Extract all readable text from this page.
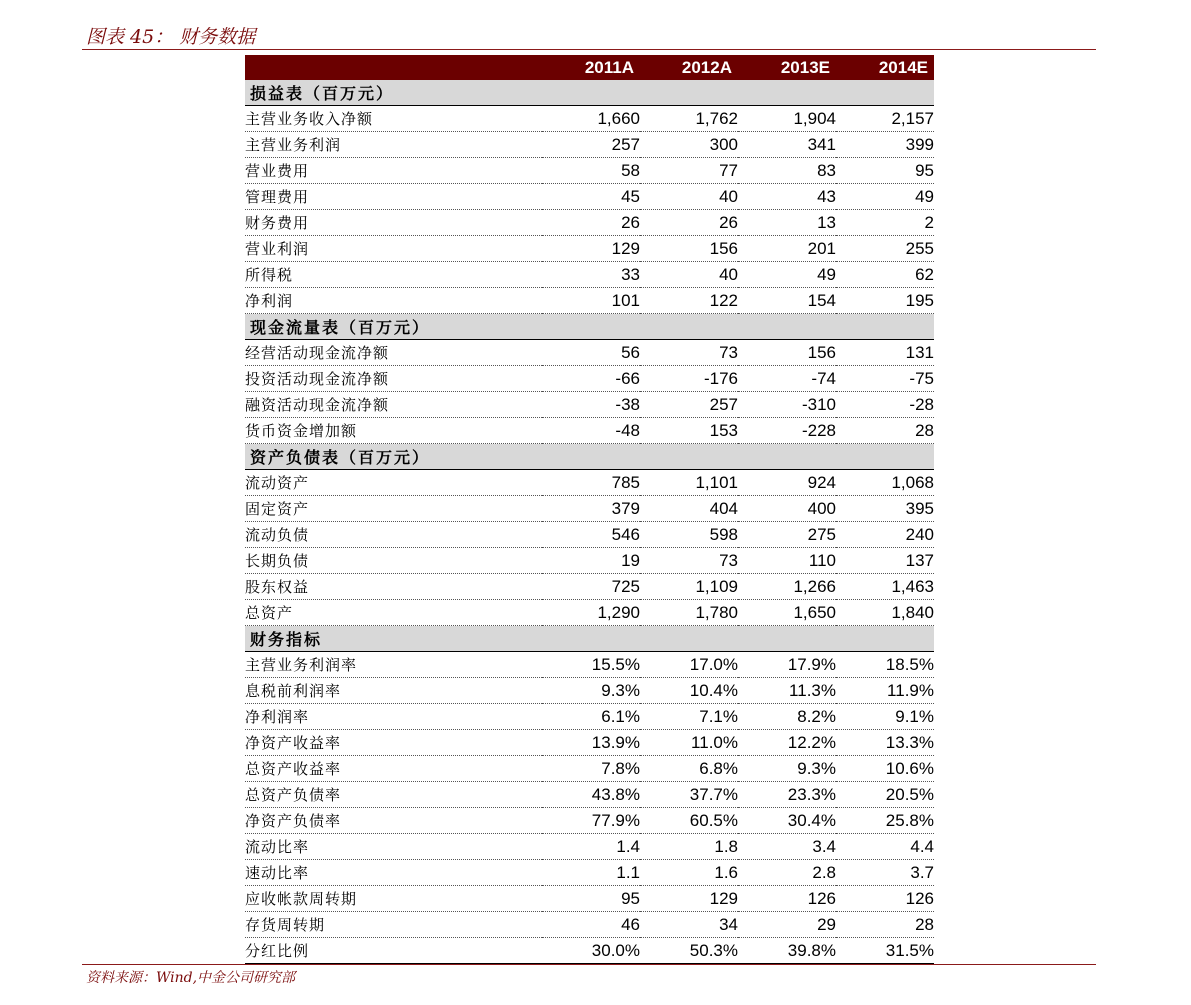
图表 45： 财务数据
	2011A	2012A	2013E	2014E
损益表（百万元）				
主营业务收入净额	1,660	1,762	1,904	2,157
主营业务利润	257	300	341	399
营业费用	58	77	83	95
管理费用	45	40	43	49
财务费用	26	26	13	2
营业利润	129	156	201	255
所得税	33	40	49	62
净利润	101	122	154	195
现金流量表（百万元）				
经营活动现金流净额	56	73	156	131
投资活动现金流净额	-66	-176	-74	-75
融资活动现金流净额	-38	257	-310	-28
货币资金增加额	-48	153	-228	28
资产负债表（百万元）				
流动资产	785	1,101	924	1,068
固定资产	379	404	400	395
流动负债	546	598	275	240
长期负债	19	73	110	137
股东权益	725	1,109	1,266	1,463
总资产	1,290	1,780	1,650	1,840
财务指标				
主营业务利润率	15.5%	17.0%	17.9%	18.5%
息税前利润率	9.3%	10.4%	11.3%	11.9%
净利润率	6.1%	7.1%	8.2%	9.1%
净资产收益率	13.9%	11.0%	12.2%	13.3%
总资产收益率	7.8%	6.8%	9.3%	10.6%
总资产负债率	43.8%	37.7%	23.3%	20.5%
净资产负债率	77.9%	60.5%	30.4%	25.8%
流动比率	1.4	1.8	3.4	4.4
速动比率	1.1	1.6	2.8	3.7
应收帐款周转期	95	129	126	126
存货周转期	46	34	29	28
分红比例	30.0%	50.3%	39.8%	31.5%
资料来源：Wind,中金公司研究部
